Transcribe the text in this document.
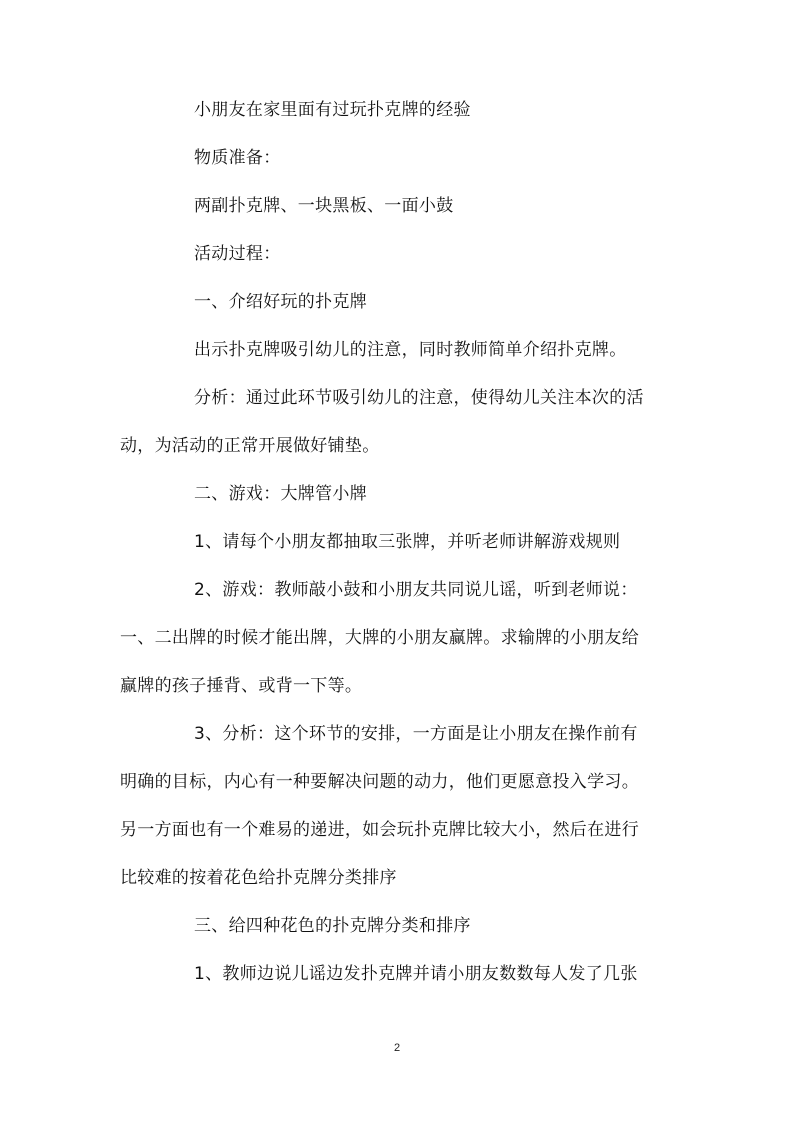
小朋友在家里面有过玩扑克牌的经验
物质准备：
两副扑克牌、一块黑板、一面小鼓
活动过程：
一、介绍好玩的扑克牌
出示扑克牌吸引幼儿的注意，同时教师简单介绍扑克牌。
分析：通过此环节吸引幼儿的注意，使得幼儿关注本次的活
动，为活动的正常开展做好铺垫。
二、游戏：大牌管小牌
1、请每个小朋友都抽取三张牌，并听老师讲解游戏规则
2、游戏：教师敲小鼓和小朋友共同说儿谣，听到老师说：
一、二出牌的时候才能出牌，大牌的小朋友赢牌。求输牌的小朋友给
赢牌的孩子捶背、或背一下等。
3、分析：这个环节的安排，一方面是让小朋友在操作前有
明确的目标，内心有一种要解决问题的动力，他们更愿意投入学习。
另一方面也有一个难易的递进，如会玩扑克牌比较大小，然后在进行
比较难的按着花色给扑克牌分类排序
三、给四种花色的扑克牌分类和排序
1、教师边说儿谣边发扑克牌并请小朋友数数每人发了几张
2
